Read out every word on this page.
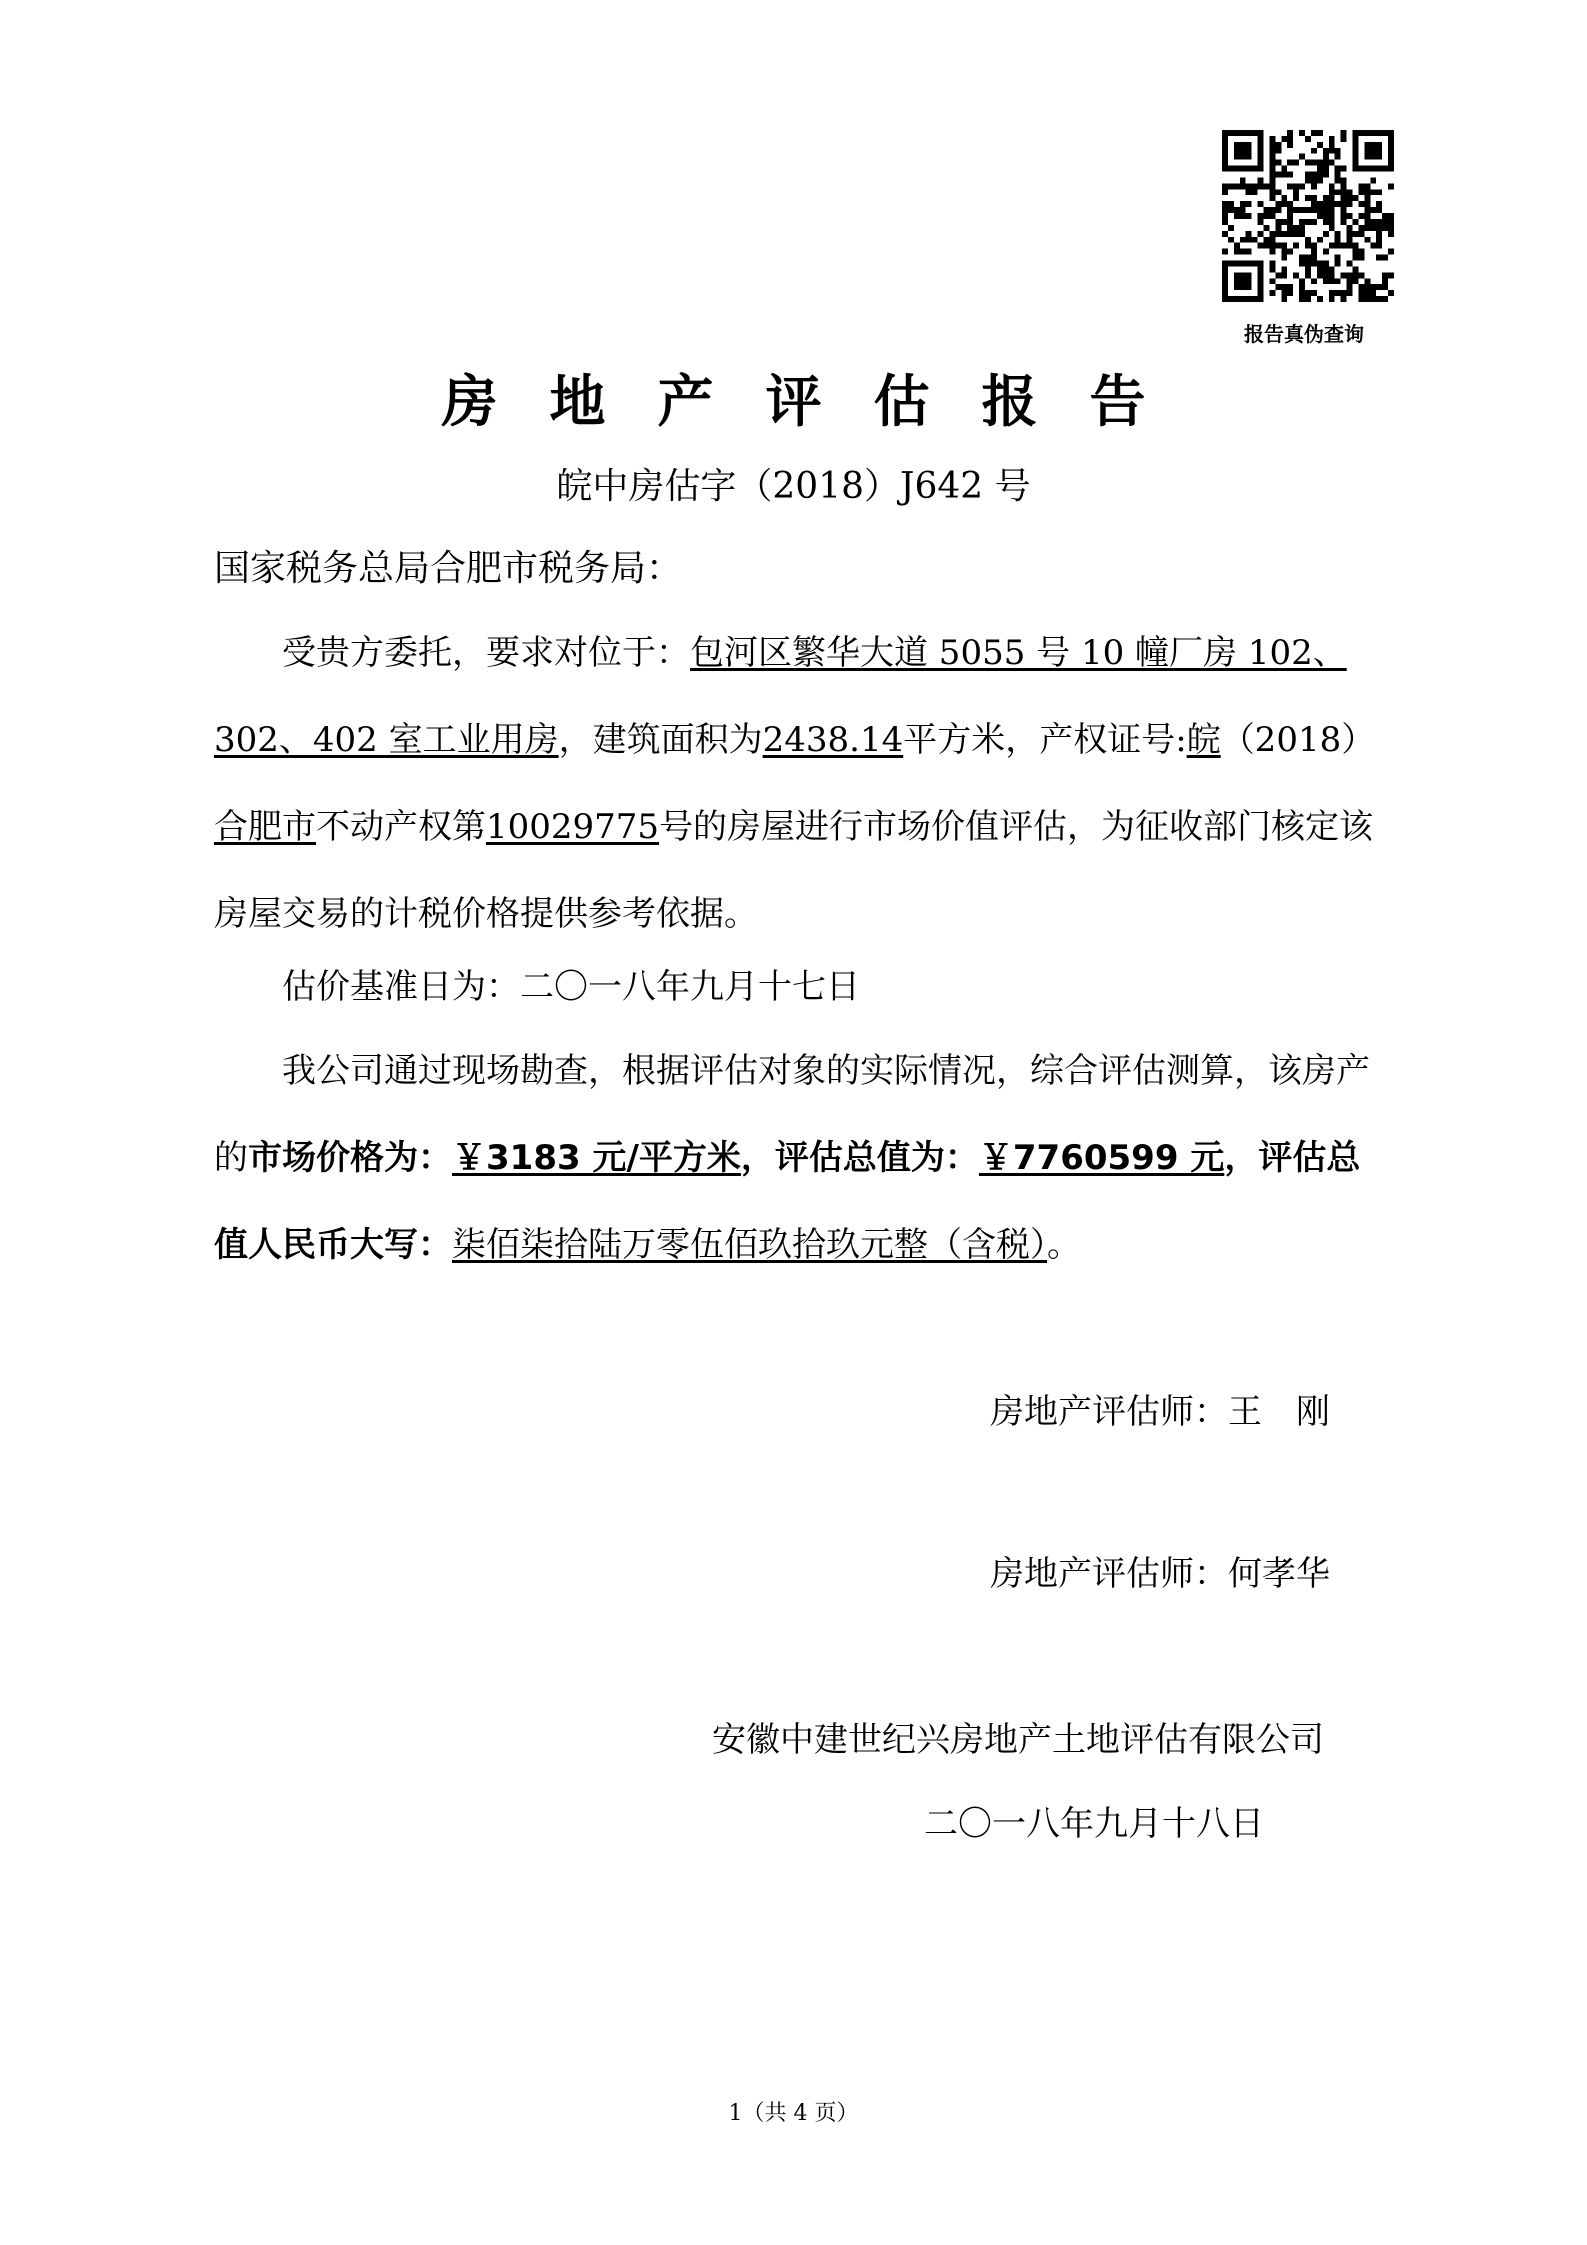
报告真伪查询
房地产评估报告
皖中房估字（2018）J642 号
国家税务总局合肥市税务局：
受贵方委托，要求对位于：包河区繁华大道 5055 号 10 幢厂房 102、302、402 室工业用房，建筑面积为2438.14平方米，产权证号:皖（2018）合肥市不动产权第10029775号的房屋进行市场价值评估，为征收部门核定该房屋交易的计税价格提供参考依据。
估价基准日为：二〇一八年九月十七日
我公司通过现场勘查，根据评估对象的实际情况，综合评估测算，该房产的市场价格为：￥3183 元/平方米，评估总值为：￥7760599 元，评估总值人民币大写：柒佰柒拾陆万零伍佰玖拾玖元整（含税）。
房地产评估师：王　刚
房地产评估师：何孝华
安徽中建世纪兴房地产土地评估有限公司
二〇一八年九月十八日
1（共 4 页）
